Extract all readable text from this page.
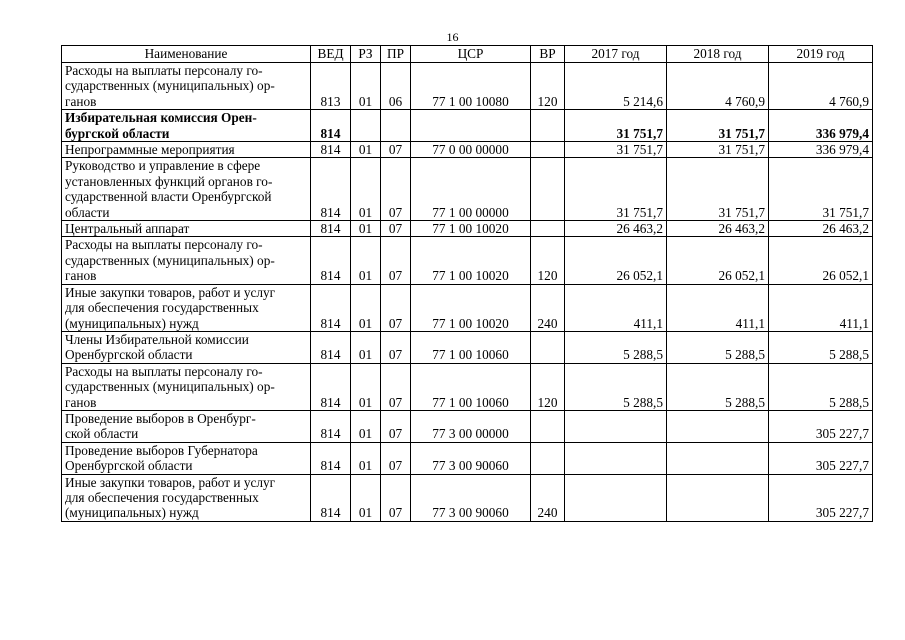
16
Наименование	ВЕД	РЗ	ПР	ЦСР	ВР	2017 год	2018 год	2019 год
Расходы на выплаты персоналу го-
сударственных (муниципальных) ор-
ганов	813	01	06	77 1 00 10080	120	5 214,6	4 760,9	4 760,9
Избирательная комиссия Орен-
бургской области	814					31 751,7	31 751,7	336 979,4
Непрограммные мероприятия	814	01	07	77 0 00 00000		31 751,7	31 751,7	336 979,4
Руководство и управление в сфере
установленных функций органов го-
сударственной власти Оренбургской
области	814	01	07	77 1 00 00000		31 751,7	31 751,7	31 751,7
Центральный аппарат	814	01	07	77 1 00 10020		26 463,2	26 463,2	26 463,2
Расходы на выплаты персоналу го-
сударственных (муниципальных) ор-
ганов	814	01	07	77 1 00 10020	120	26 052,1	26 052,1	26 052,1
Иные закупки товаров, работ и услуг
для обеспечения государственных
(муниципальных) нужд	814	01	07	77 1 00 10020	240	411,1	411,1	411,1
Члены Избирательной комиссии
Оренбургской области	814	01	07	77 1 00 10060		5 288,5	5 288,5	5 288,5
Расходы на выплаты персоналу го-
сударственных (муниципальных) ор-
ганов	814	01	07	77 1 00 10060	120	5 288,5	5 288,5	5 288,5
Проведение выборов в Оренбург-
ской области	814	01	07	77 3 00 00000				305 227,7
Проведение выборов Губернатора
Оренбургской области	814	01	07	77 3 00 90060				305 227,7
Иные закупки товаров, работ и услуг
для обеспечения государственных
(муниципальных) нужд	814	01	07	77 3 00 90060	240			305 227,7
